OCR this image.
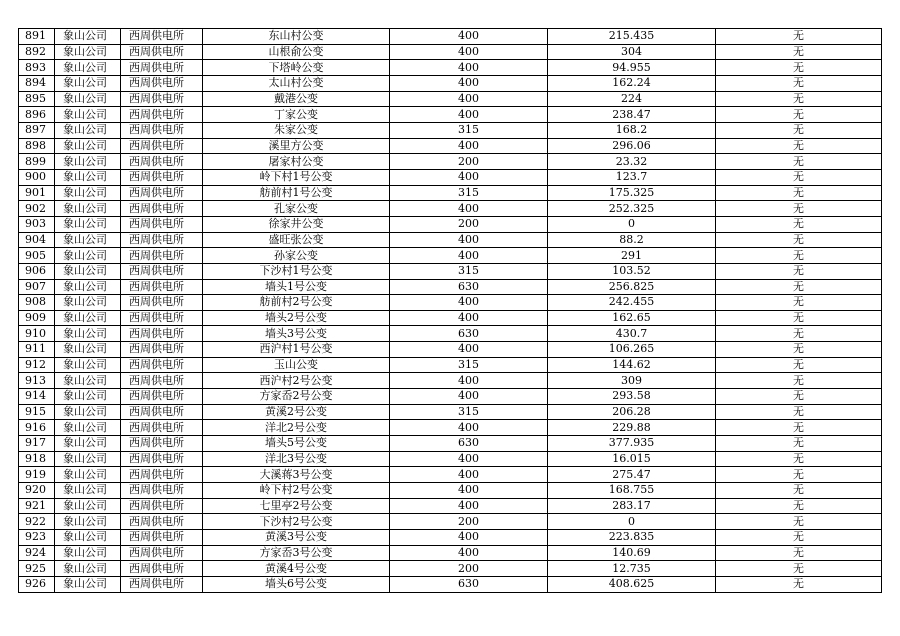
891	象山公司	西周供电所	东山村公变	400	215.435	无
892	象山公司	西周供电所	山根俞公变	400	304	无
893	象山公司	西周供电所	下塔岭公变	400	94.955	无
894	象山公司	西周供电所	太山村公变	400	162.24	无
895	象山公司	西周供电所	戴港公变	400	224	无
896	象山公司	西周供电所	丁家公变	400	238.47	无
897	象山公司	西周供电所	朱家公变	315	168.2	无
898	象山公司	西周供电所	溪里方公变	400	296.06	无
899	象山公司	西周供电所	屠家村公变	200	23.32	无
900	象山公司	西周供电所	岭下村1号公变	400	123.7	无
901	象山公司	西周供电所	舫前村1号公变	315	175.325	无
902	象山公司	西周供电所	孔家公变	400	252.325	无
903	象山公司	西周供电所	徐家井公变	200	0	无
904	象山公司	西周供电所	盛旺张公变	400	88.2	无
905	象山公司	西周供电所	孙家公变	400	291	无
906	象山公司	西周供电所	下沙村1号公变	315	103.52	无
907	象山公司	西周供电所	墙头1号公变	630	256.825	无
908	象山公司	西周供电所	舫前村2号公变	400	242.455	无
909	象山公司	西周供电所	墙头2号公变	400	162.65	无
910	象山公司	西周供电所	墙头3号公变	630	430.7	无
911	象山公司	西周供电所	西沪村1号公变	400	106.265	无
912	象山公司	西周供电所	玉山公变	315	144.62	无
913	象山公司	西周供电所	西沪村2号公变	400	309	无
914	象山公司	西周供电所	方家岙2号公变	400	293.58	无
915	象山公司	西周供电所	黄溪2号公变	315	206.28	无
916	象山公司	西周供电所	洋北2号公变	400	229.88	无
917	象山公司	西周供电所	墙头5号公变	630	377.935	无
918	象山公司	西周供电所	洋北3号公变	400	16.015	无
919	象山公司	西周供电所	大溪蒋3号公变	400	275.47	无
920	象山公司	西周供电所	岭下村2号公变	400	168.755	无
921	象山公司	西周供电所	七里亭2号公变	400	283.17	无
922	象山公司	西周供电所	下沙村2号公变	200	0	无
923	象山公司	西周供电所	黄溪3号公变	400	223.835	无
924	象山公司	西周供电所	方家岙3号公变	400	140.69	无
925	象山公司	西周供电所	黄溪4号公变	200	12.735	无
926	象山公司	西周供电所	墙头6号公变	630	408.625	无
